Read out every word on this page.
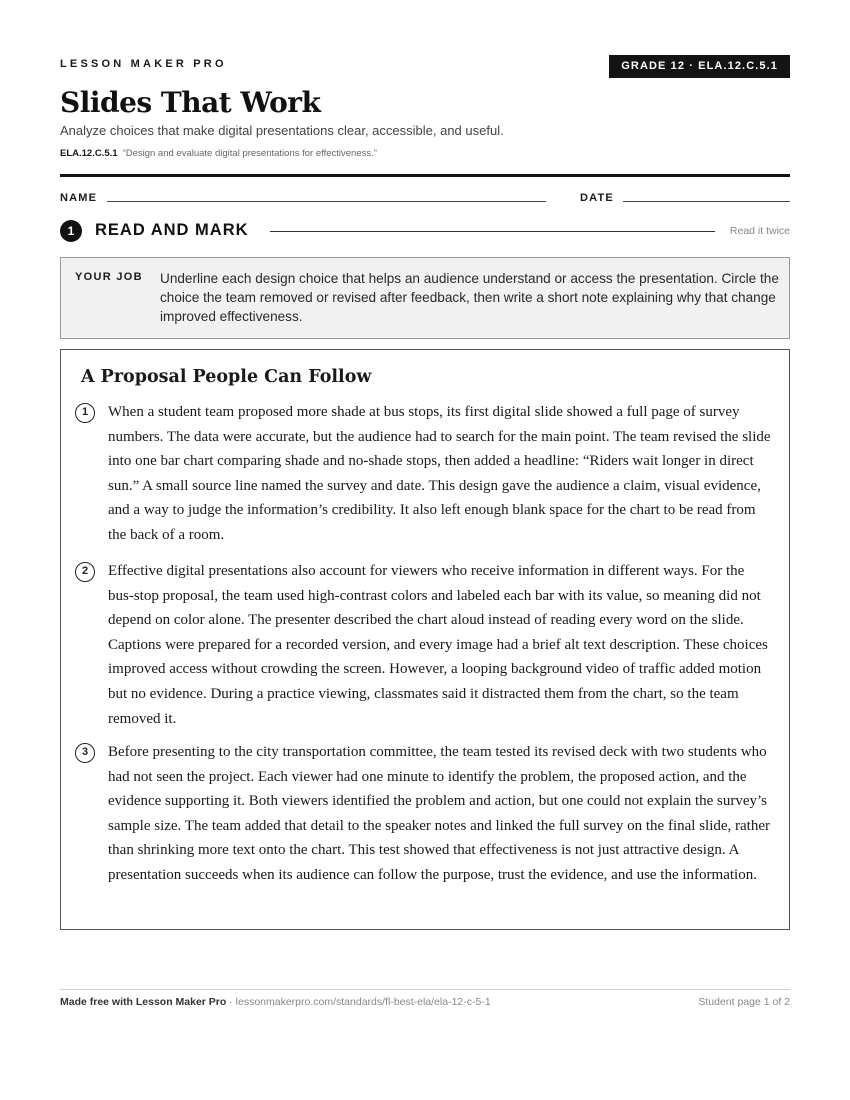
LESSON MAKER PRO	GRADE 12 · ELA.12.C.5.1
Slides That Work
Analyze choices that make digital presentations clear, accessible, and useful.
ELA.12.C.5.1 “Design and evaluate digital presentations for effectiveness.”
NAME	DATE
1	READ AND MARK	Read it twice
YOUR JOB Underline each design choice that helps an audience understand or access the presentation. Circle the choice the team removed or revised after feedback, then write a short note explaining why that change improved effectiveness.
A Proposal People Can Follow
1	When a student team proposed more shade at bus stops, its first digital slide showed a full page of survey numbers. The data were accurate, but the audience had to search for the main point. The team revised the slide into one bar chart comparing shade and no-shade stops, then added a headline: “Riders wait longer in direct sun.” A small source line named the survey and date. This design gave the audience a claim, visual evidence, and a way to judge the information’s credibility. It also left enough blank space for the chart to be read from the back of a room.

2	Effective digital presentations also account for viewers who receive information in different ways. For the bus-stop proposal, the team used high-contrast colors and labeled each bar with its value, so meaning did not depend on color alone. The presenter described the chart aloud instead of reading every word on the slide. Captions were prepared for a recorded version, and every image had a brief alt text description. These choices improved access without crowding the screen. However, a looping background video of traffic added motion but no evidence. During a practice viewing, classmates said it distracted them from the chart, so the team removed it.

3	Before presenting to the city transportation committee, the team tested its revised deck with two students who had not seen the project. Each viewer had one minute to identify the problem, the proposed action, and the evidence supporting it. Both viewers identified the problem and action, but one could not explain the survey’s sample size. The team added that detail to the speaker notes and linked the full survey on the final slide, rather than shrinking more text onto the chart. This test showed that effectiveness is not just attractive design. A presentation succeeds when its audience can follow the purpose, trust the evidence, and use the information.

Made free with Lesson Maker Pro · lessonmakerpro.com/standards/fl-best-ela/ela-12-c-5-1	Student page 1 of 2
